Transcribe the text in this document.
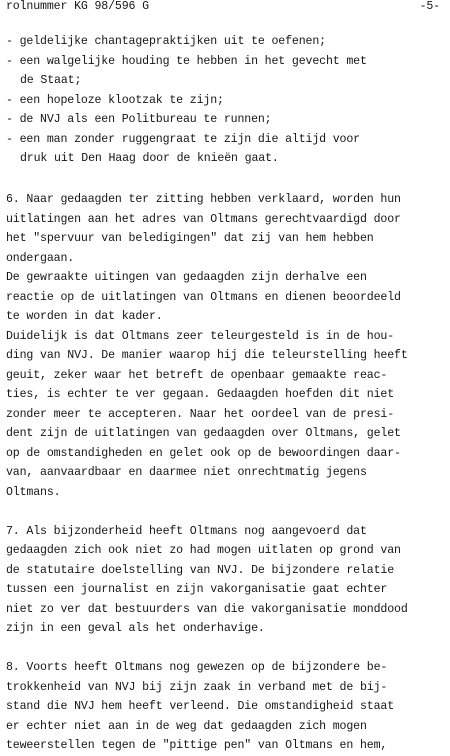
rolnummer KG 98/596 G	-5-
- geldelijke chantagepraktijken uit te oefenen;
- een walgelijke houding te hebben in het gevecht met
de Staat;
- een hopeloze klootzak te zijn;
- de NVJ als een Politbureau te runnen;
- een man zonder ruggengraat te zijn die altijd voor
druk uit Den Haag door de knieën gaat.
6. Naar gedaagden ter zitting hebben verklaard, worden hun
uitlatingen aan het adres van Oltmans gerechtvaardigd door
het "spervuur van beledigingen" dat zij van hem hebben
ondergaan.
De gewraakte uitingen van gedaagden zijn derhalve een
reactie op de uitlatingen van Oltmans en dienen beoordeeld
te worden in dat kader.
Duidelijk is dat Oltmans zeer teleurgesteld is in de hou-
ding van NVJ. De manier waarop hij die teleurstelling heeft
geuit, zeker waar het betreft de openbaar gemaakte reac-
ties, is echter te ver gegaan. Gedaagden hoefden dit niet
zonder meer te accepteren. Naar het oordeel van de presi-
dent zijn de uitlatingen van gedaagden over Oltmans, gelet
op de omstandigheden en gelet ook op de bewoordingen daar-
van, aanvaardbaar en daarmee niet onrechtmatig jegens
Oltmans.
7. Als bijzonderheid heeft Oltmans nog aangevoerd dat
gedaagden zich ook niet zo had mogen uitlaten op grond van
de statutaire doelstelling van NVJ. De bijzondere relatie
tussen een journalist en zijn vakorganisatie gaat echter
niet zo ver dat bestuurders van die vakorganisatie monddood
zijn in een geval als het onderhavige.
8. Voorts heeft Oltmans nog gewezen op de bijzondere be-
trokkenheid van NVJ bij zijn zaak in verband met de bij-
stand die NVJ hem heeft verleend. Die omstandigheid staat
er echter niet aan in de weg dat gedaagden zich mogen
teweerstellen tegen de "pittige pen" van Oltmans en hem,
